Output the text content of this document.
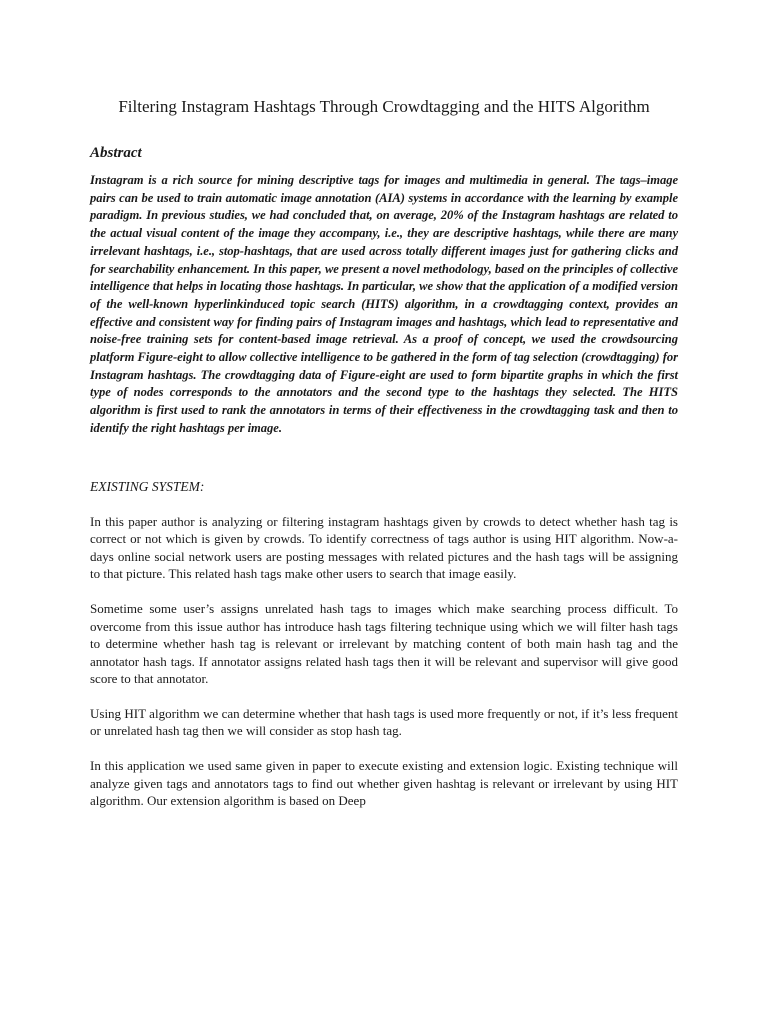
Filtering Instagram Hashtags Through Crowdtagging and the HITS Algorithm
Abstract

Instagram is a rich source for mining descriptive tags for images and multimedia in general. The tags–image pairs can be used to train automatic image annotation (AIA) systems in accordance with the learning by example paradigm. In previous studies, we had concluded that, on average, 20% of the Instagram hashtags are related to the actual visual content of the image they accompany, i.e., they are descriptive hashtags, while there are many irrelevant hashtags, i.e., stop-hashtags, that are used across totally different images just for gathering clicks and for searchability enhancement. In this paper, we present a novel methodology, based on the principles of collective intelligence that helps in locating those hashtags. In particular, we show that the application of a modified version of the well-known hyperlinkinduced topic search (HITS) algorithm, in a crowdtagging context, provides an effective and consistent way for finding pairs of Instagram images and hashtags, which lead to representative and noise-free training sets for content-based image retrieval. As a proof of concept, we used the crowdsourcing platform Figure-eight to allow collective intelligence to be gathered in the form of tag selection (crowdtagging) for Instagram hashtags. The crowdtagging data of Figure-eight are used to form bipartite graphs in which the first type of nodes corresponds to the annotators and the second type to the hashtags they selected. The HITS algorithm is first used to rank the annotators in terms of their effectiveness in the crowdtagging task and then to identify the right hashtags per image.

EXISTING SYSTEM:

In this paper author is analyzing or filtering instagram hashtags given by crowds to detect whether hash tag is correct or not which is given by crowds. To identify correctness of tags author is using HIT algorithm. Now-a-days online social network users are posting messages with related pictures and the hash tags will be assigning to that picture. This related hash tags make other users to search that image easily.

Sometime some user’s assigns unrelated hash tags to images which make searching process difficult. To overcome from this issue author has introduce hash tags filtering technique using which we will filter hash tags to determine whether hash tag is relevant or irrelevant by matching content of both main hash tag and the annotator hash tags. If annotator assigns related hash tags then it will be relevant and supervisor will give good score to that annotator.

Using HIT algorithm we can determine whether that hash tags is used more frequently or not, if it’s less frequent or unrelated hash tag then we will consider as stop hash tag.

In this application we used same given in paper to execute existing and extension logic. Existing technique will analyze given tags and annotators tags to find out whether given hashtag is relevant or irrelevant by using HIT algorithm. Our extension algorithm is based on Deep
